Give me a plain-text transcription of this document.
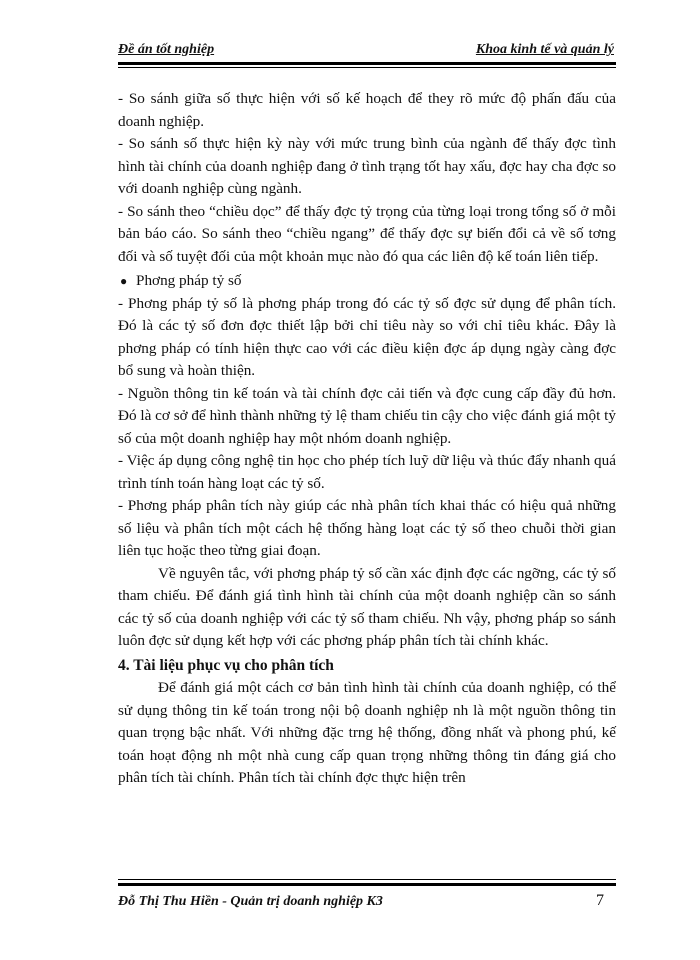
Đề án tốt nghiệp	Khoa kinh tế và quản lý

- So sánh giữa số thực hiện với số kế hoạch để they rõ mức độ phấn đấu của doanh nghiệp.

- So sánh số thực hiện kỳ này với mức trung bình của ngành để thấy đợc tình hình tài chính của doanh nghiệp đang ở tình trạng tốt hay xấu, đợc hay cha đợc so với doanh nghiệp cùng ngành.

- So sánh theo “chiều dọc” để thấy đợc tỷ trọng của từng loại trong tổng số ở mỗi bản báo cáo. So sánh theo “chiều ngang” để thấy đợc sự biến đổi cả về số tơng đối và số tuyệt đối của một khoản mục nào đó qua các liên độ kế toán liên tiếp.

● Phơng pháp tỷ số

- Phơng pháp tỷ số là phơng pháp trong đó các tỷ số đợc sử dụng để phân tích. Đó là các tỷ số đơn đợc thiết lập bởi chỉ tiêu này so với chỉ tiêu khác. Đây là phơng pháp có tính hiện thực cao với các điều kiện đợc áp dụng ngày càng đợc bổ sung và hoàn thiện.

- Nguồn thông tin kế toán và tài chính đợc cải tiến và đợc cung cấp đầy đủ hơn. Đó là cơ sở để hình thành những tỷ lệ tham chiếu tin cậy cho việc đánh giá một tỷ số của một doanh nghiệp hay một nhóm doanh nghiệp.

- Việc áp dụng công nghệ tin học cho phép tích luỹ dữ liệu và thúc đẩy nhanh quá trình tính toán hàng loạt các tỷ số.

- Phơng pháp phân tích này giúp các nhà phân tích khai thác có hiệu quả những số liệu và phân tích một cách hệ thống hàng loạt các tỷ số theo chuỗi thời gian liên tục hoặc theo từng giai đoạn.

Về nguyên tắc, với phơng pháp tỷ số cần xác định đợc các ngỡng, các tỷ số tham chiếu. Để đánh giá tình hình tài chính của một doanh nghiệp cần so sánh các tỷ số của doanh nghiệp với các tỷ số tham chiếu. Nh vậy, phơng pháp so sánh luôn đợc sử dụng kết hợp với các phơng pháp phân tích tài chính khác.

4. Tài liệu phục vụ cho phân tích

Để đánh giá một cách cơ bản tình hình tài chính của doanh nghiệp, có thể sử dụng thông tin kế toán trong nội bộ doanh nghiệp nh là một nguồn thông tin quan trọng bậc nhất. Với những đặc trng hệ thống, đồng nhất và phong phú, kế toán hoạt động nh một nhà cung cấp quan trọng những thông tin đáng giá cho phân tích tài chính. Phân tích tài chính đợc thực hiện trên

Đỗ Thị Thu Hiền - Quản trị doanh nghiệp K3	7
